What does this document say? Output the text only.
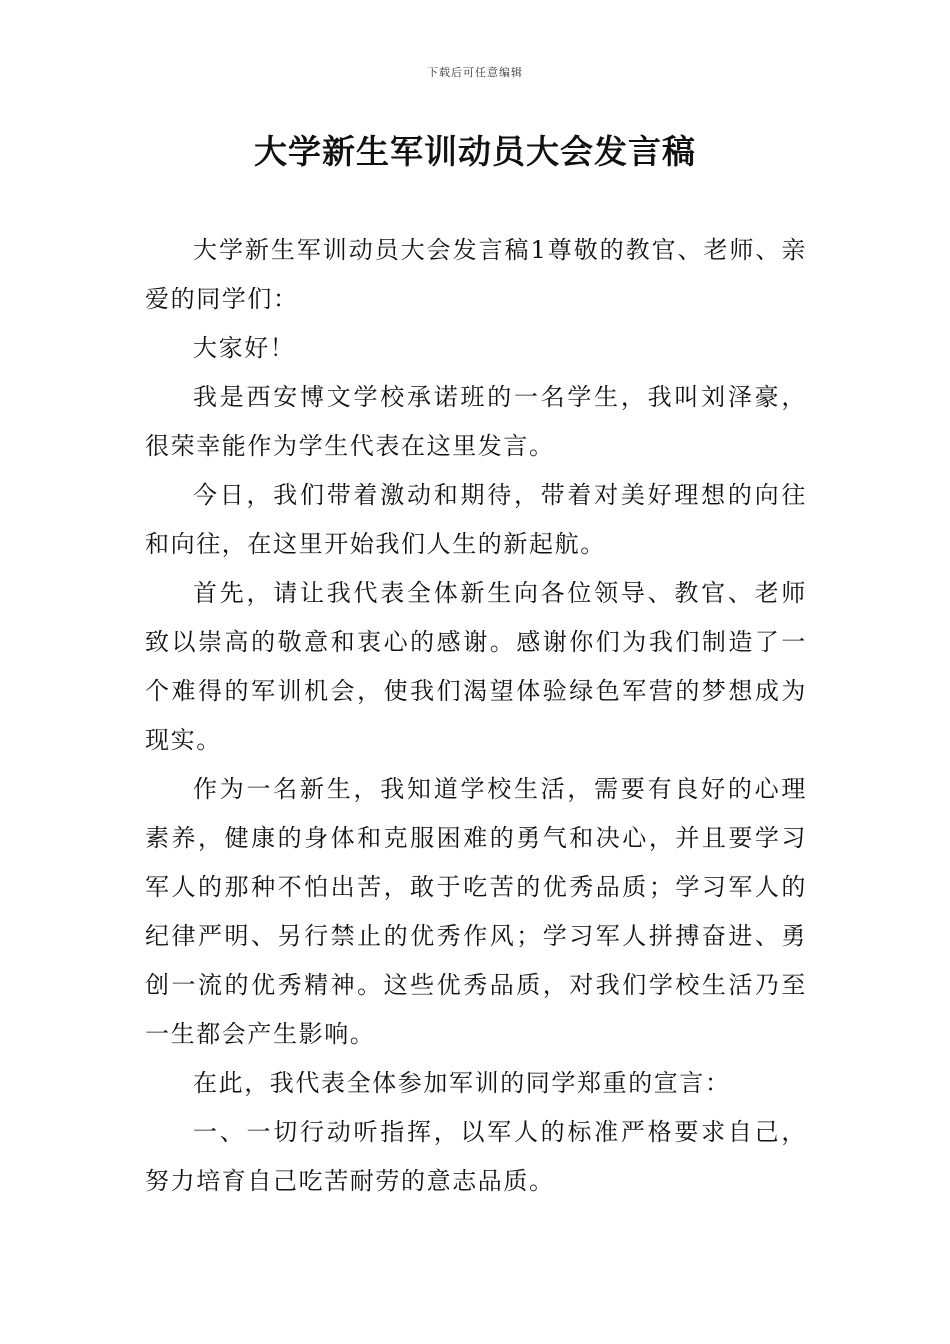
下载后可任意编辑
大学新生军训动员大会发言稿

大学新生军训动员大会发言稿1尊敬的教官、老师、亲爱的同学们：

大家好！

我是西安博文学校承诺班的一名学生，我叫刘泽豪，很荣幸能作为学生代表在这里发言。

今日，我们带着激动和期待，带着对美好理想的向往和向往，在这里开始我们人生的新起航。

首先，请让我代表全体新生向各位领导、教官、老师致以崇高的敬意和衷心的感谢。感谢你们为我们制造了一个难得的军训机会，使我们渴望体验绿色军营的梦想成为现实。

作为一名新生，我知道学校生活，需要有良好的心理素养，健康的身体和克服困难的勇气和决心，并且要学习军人的那种不怕出苦，敢于吃苦的优秀品质；学习军人的纪律严明、另行禁止的优秀作风；学习军人拼搏奋进、勇创一流的优秀精神。这些优秀品质，对我们学校生活乃至一生都会产生影响。

在此，我代表全体参加军训的同学郑重的宣言：

一、一切行动听指挥，以军人的标准严格要求自己，努力培育自己吃苦耐劳的意志品质。
